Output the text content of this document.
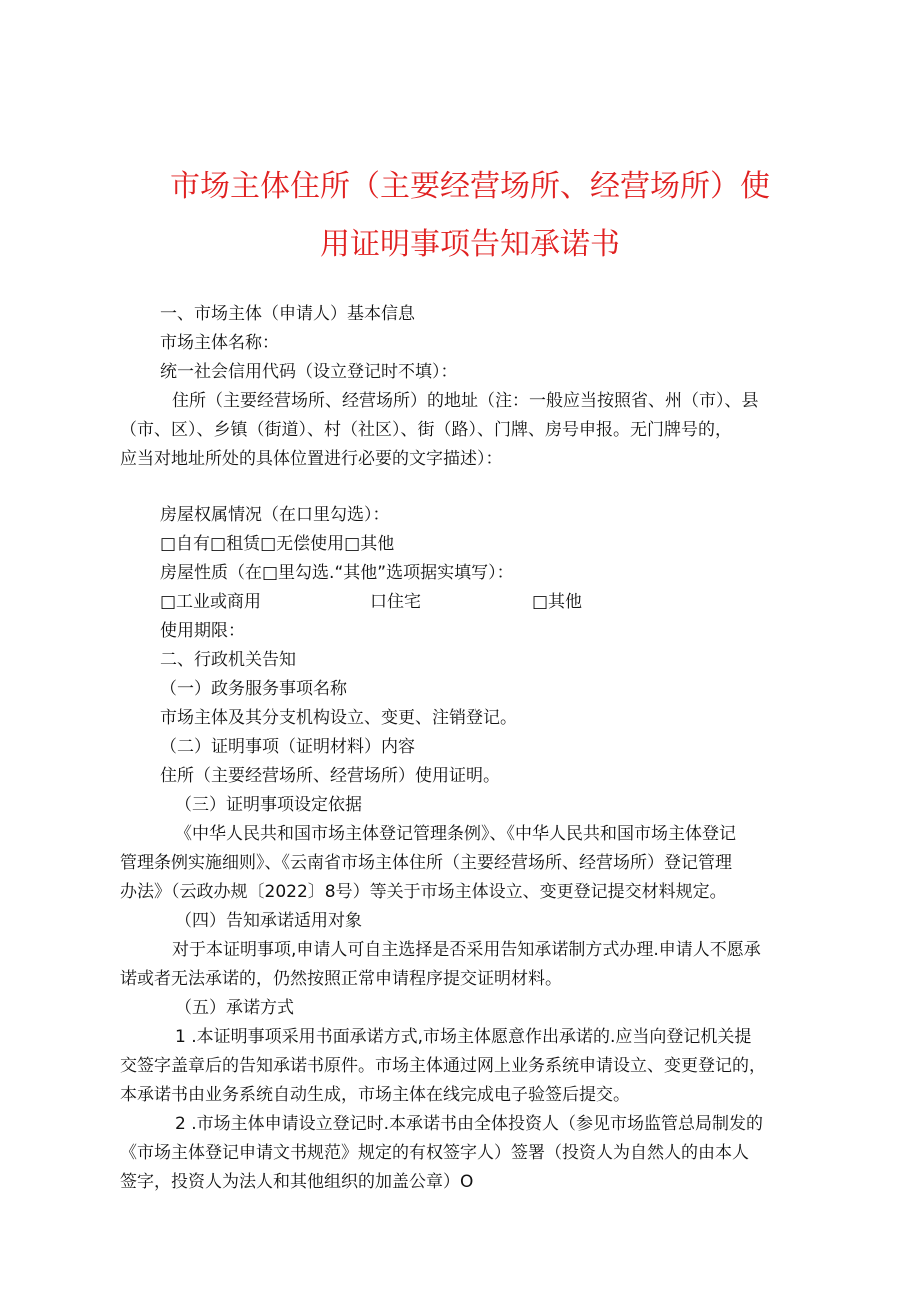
市场主体住所（主要经营场所、经营场所）使
用证明事项告知承诺书

一、市场主体（申请人）基本信息

市场主体名称：

统一社会信用代码（设立登记时不填）：

住所（主要经营场所、经营场所）的地址（注：一般应当按照省、州（市）、县

（市、区）、乡镇（街道）、村（社区）、街（路）、门牌、房号申报。无门牌号的，

应当对地址所处的具体位置进行必要的文字描述）：

房屋权属情况（在口里勾选）：

□自有□租赁□无偿使用□其他

房屋性质（在□里勾选.“其他”选项据实填写）：

□工业或商用	口住宅	□其他

使用期限：

二、行政机关告知

（一）政务服务事项名称

市场主体及其分支机构设立、变更、注销登记。

（二）证明事项（证明材料）内容

住所（主要经营场所、经营场所）使用证明。

（三）证明事项设定依据

《中华人民共和国市场主体登记管理条例》、《中华人民共和国市场主体登记

管理条例实施细则》、《云南省市场主体住所（主要经营场所、经营场所）登记管理

办法》（云政办规〔2022〕8号）等关于市场主体设立、变更登记提交材料规定。

（四）告知承诺适用对象

对于本证明事项,申请人可自主选择是否采用告知承诺制方式办理.申请人不愿承

诺或者无法承诺的，仍然按照正常申请程序提交证明材料。

（五）承诺方式

1 .本证明事项采用书面承诺方式,市场主体愿意作出承诺的.应当向登记机关提

交签字盖章后的告知承诺书原件。市场主体通过网上业务系统申请设立、变更登记的，

本承诺书由业务系统自动生成，市场主体在线完成电子验签后提交。

2 .市场主体申请设立登记时.本承诺书由全体投资人（参见市场监管总局制发的

《市场主体登记申请文书规范》规定的有权签字人）签署（投资人为自然人的由本人

签字，投资人为法人和其他组织的加盖公章）O
